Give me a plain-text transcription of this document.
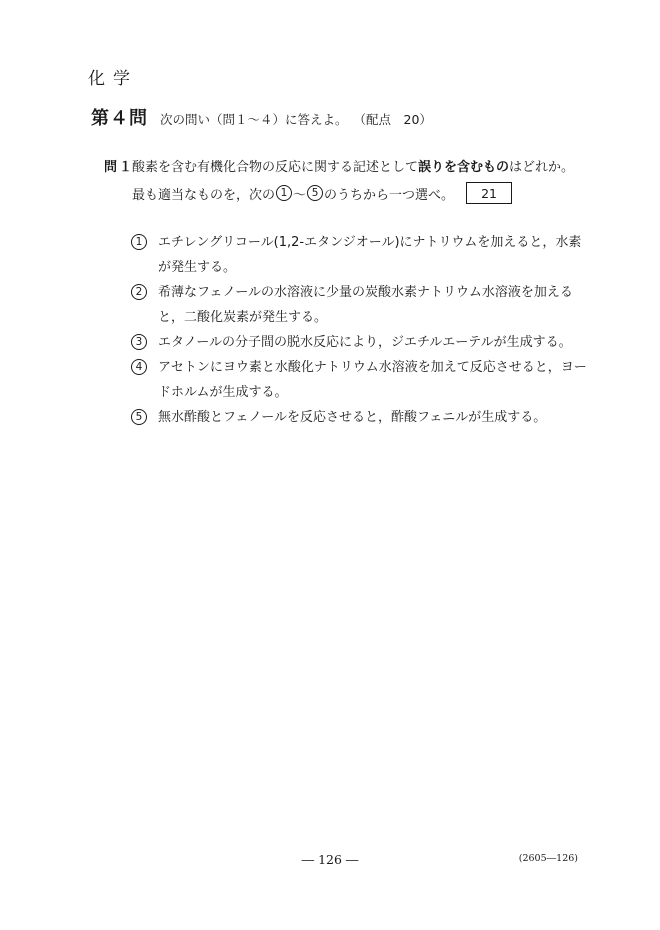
化学
第４問 次の問い（問１～４）に答えよ。 （配点　20）
問１酸素を含む有機化合物の反応に関する記述として誤りを含むものはどれか。
最も適当なものを，次の 1 ～ 5 のうちから一つ選べ。	21
1	エチレングリコール(1,2-エタンジオール)にナトリウムを加えると，水素が発生する。
2	希薄なフェノールの水溶液に少量の炭酸水素ナトリウム水溶液を加えると，二酸化炭素が発生する。
3	エタノールの分子間の脱水反応により，ジエチルエーテルが生成する。
4	アセトンにヨウ素と水酸化ナトリウム水溶液を加えて反応させると，ヨードホルムが生成する。
5	無水酢酸とフェノールを反応させると，酢酸フェニルが生成する。
― 126 ―	(2605―126)
